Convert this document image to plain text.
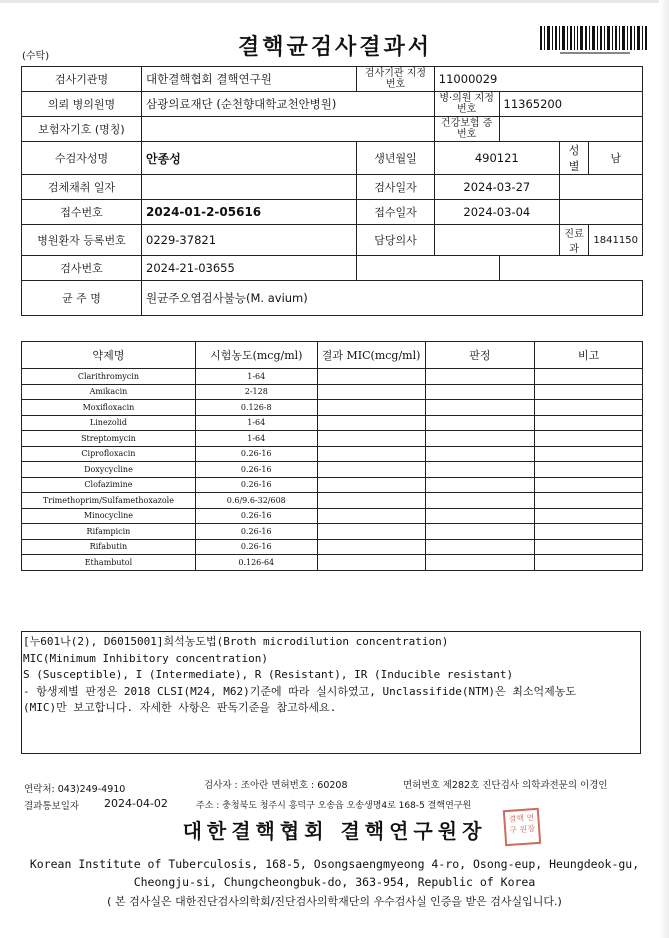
(수탁)	결핵균검사결과서
검사기관명	대한결핵협회 결핵연구원	검사기관 지정번호	11000029			
의뢰 병의원명	삼광의료재단 (순천향대학교천안병원)		병·의원 지정번호	11365200		
보험자기호 (명칭)			건강보험 증번호			
수검자성명	안종성	생년월일	490121		성별	남
검체채취 일자		검사일자	2024-03-27			
접수번호	2024-01-2-05616	접수일자	2024-03-04			
병원환자 등록번호	0229-37821	담당의사			진료과	1841150
검사번호	2024-21-03655					
균 주 명	원균주오염검사불능(M. avium)					
약제명	시험농도(mcg/ml)	결과 MIC(mcg/ml)	판정	비고
Clarithromycin	1-64			
Amikacin	2-128			
Moxifloxacin	0.126-8			
Linezolid	1-64			
Streptomycin	1-64			
Ciprofloxacin	0.26-16			
Doxycycline	0.26-16			
Clofazimine	0.26-16			
Trimethoprim/Sulfamethoxazole	0.6/9.6-32/608			
Minocycline	0.26-16			
Rifampicin	0.26-16			
Rifabutin	0.26-16			
Ethambutol	0.126-64			
[누601나(2), D6015001]희석농도법(Broth microdilution concentration)
MIC(Minimum Inhibitory concentration)
S (Susceptible), I (Intermediate), R (Resistant), IR (Inducible resistant)
- 항생제별 판정은 2018 CLSI(M24, M62)기준에 따라 실시하였고, Unclassifide(NTM)은 최소억제농도
(MIC)만 보고합니다. 자세한 사항은 판독기준을 참고하세요.
연락처: 043)249-4910	검사자 : 조아란 면허번호 : 60208	면허번호 제282호 진단검사 의학과전문의 이경인
결과통보일자 2024-04-02	주소 : 충청북도 청주시 흥덕구 오송읍 오송생명4로 168-5 결핵연구원
대한결핵협회 결핵연구원장
결핵 연구 원장
Korean Institute of Tuberculosis, 168-5, Osongsaengmyeong 4-ro, Osong-eup, Heungdeok-gu,
Cheongju-si, Chungcheongbuk-do, 363-954, Republic of Korea
( 본 검사실은 대한진단검사의학회/진단검사의학재단의 우수검사실 인증을 받은 검사실입니다.)
